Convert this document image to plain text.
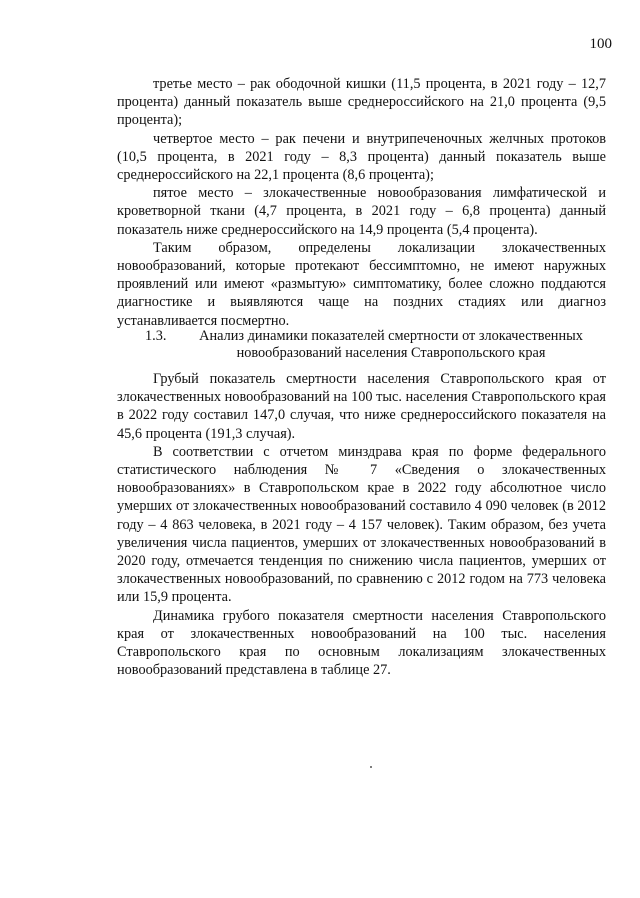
100

третье место – рак ободочной кишки (11,5 процента, в 2021 году – 12,7 процента) данный показатель выше среднероссийского на 21,0 процента (9,5 процента);

четвертое место – рак печени и внутрипеченочных желчных протоков (10,5 процента, в 2021 году – 8,3 процента) данный показатель выше среднероссийского на 22,1 процента (8,6 процента);

пятое место – злокачественные новообразования лимфатической и кроветворной ткани (4,7 процента, в 2021 году – 6,8 процента) данный показатель ниже среднероссийского на 14,9 процента (5,4 процента).

Таким образом, определены локализации злокачественных новообразований, которые протекают бессимптомно, не имеют наружных проявлений или имеют «размытую» симптоматику, более сложно поддаются диагностике и выявляются чаще на поздних стадиях или диагноз устанавливается посмертно.

1.3.	Анализ динамики показателей смертности от злокачественных новообразований населения Ставропольского края

Грубый показатель смертности населения Ставропольского края от злокачественных новообразований на 100 тыс. населения Ставропольского края в 2022 году составил 147,0 случая, что ниже среднероссийского показателя на 45,6 процента (191,3 случая).

В соответствии с отчетом минздрава края по форме федерального статистического наблюдения № 7 «Сведения о злокачественных новообразованиях» в Ставропольском крае в 2022 году абсолютное число умерших от злокачественных новообразований составило 4 090 человек (в 2012 году – 4 863 человека, в 2021 году – 4 157 человек). Таким образом, без учета увеличения числа пациентов, умерших от злокачественных новообразований в 2020 году, отмечается тенденция по снижению числа пациентов, умерших от злокачественных новообразований, по сравнению с 2012 годом на 773 человека или 15,9 процента.

Динамика грубого показателя смертности населения Ставропольского края от злокачественных новообразований на 100 тыс. населения Ставропольского края по основным локализациям злокачественных новообразований представлена в таблице 27.
